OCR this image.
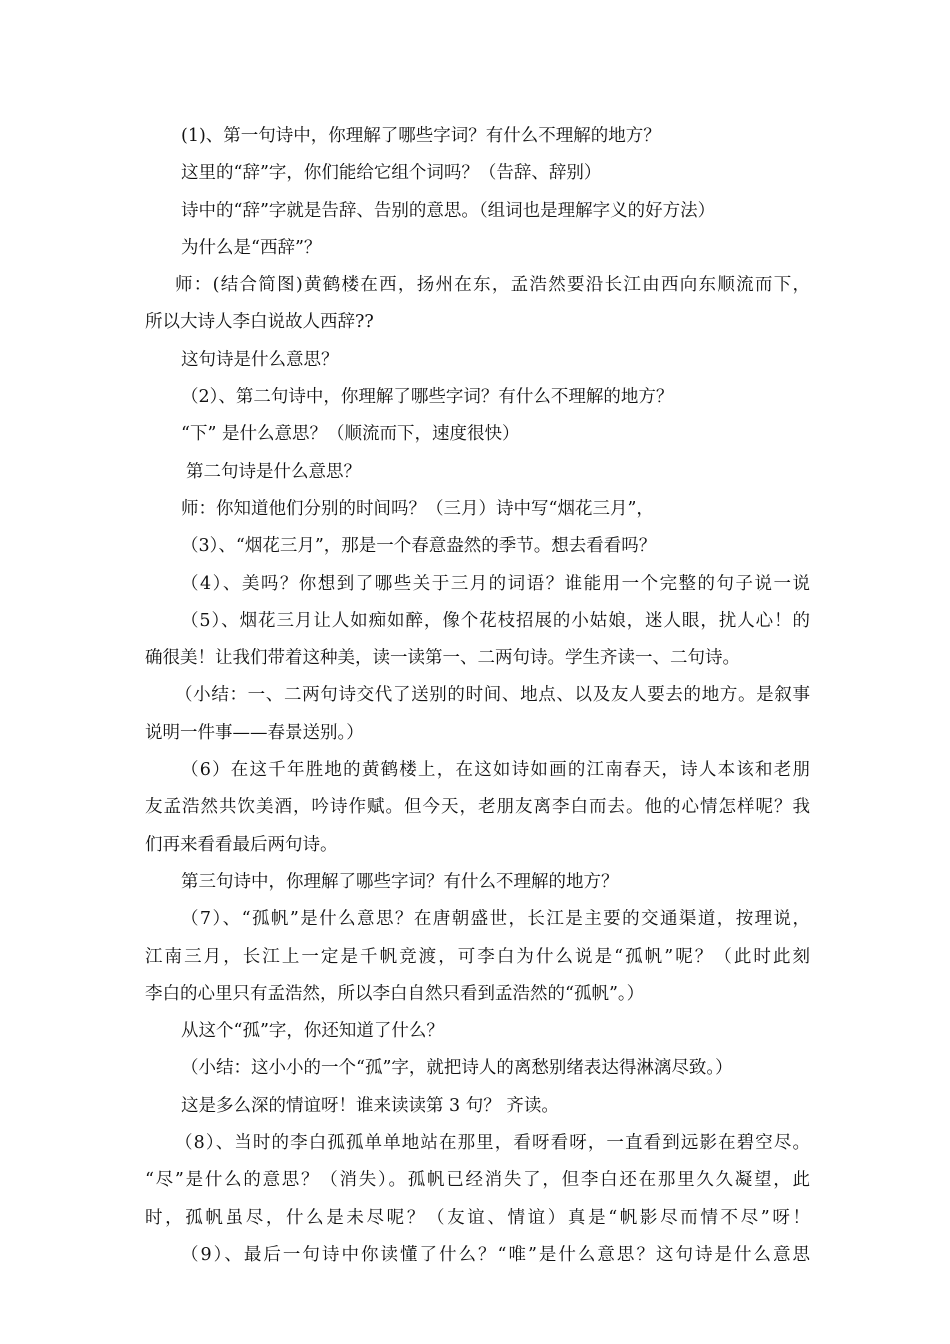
(1)、第一句诗中，你理解了哪些字词？有什么不理解的地方？
这里的“辞”字，你们能给它组个词吗？（告辞、辞别）
诗中的“辞”字就是告辞、告别的意思。（组词也是理解字义的好方法）
为什么是“西辞”？
师：(结合简图)黄鹤楼在西，扬州在东，孟浩然要沿长江由西向东顺流而下，
所以大诗人李白说故人西辞??
这句诗是什么意思？
（2）、第二句诗中，你理解了哪些字词？有什么不理解的地方？
“下” 是什么意思？（顺流而下，速度很快）
第二句诗是什么意思？
师：你知道他们分别的时间吗？（三月）诗中写“烟花三月”，
（3）、“烟花三月”，那是一个春意盎然的季节。想去看看吗？
（4）、美吗？你想到了哪些关于三月的词语？谁能用一个完整的句子说一说
（5）、烟花三月让人如痴如醉，像个花枝招展的小姑娘，迷人眼，扰人心！的
确很美！让我们带着这种美，读一读第一、二两句诗。学生齐读一、二句诗。
（小结：一、二两句诗交代了送别的时间、地点、以及友人要去的地方。是叙事
说明一件事——春景送别。）
（6）在这千年胜地的黄鹤楼上，在这如诗如画的江南春天，诗人本该和老朋
友孟浩然共饮美酒，吟诗作赋。但今天，老朋友离李白而去。他的心情怎样呢？我
们再来看看最后两句诗。
第三句诗中，你理解了哪些字词？有什么不理解的地方？
（7）、“孤帆”是什么意思？在唐朝盛世，长江是主要的交通渠道，按理说，
江南三月，长江上一定是千帆竞渡，可李白为什么说是“孤帆”呢？（此时此刻
李白的心里只有孟浩然，所以李白自然只看到孟浩然的“孤帆”。）
从这个“孤”字，你还知道了什么？
（小结：这小小的一个“孤”字，就把诗人的离愁别绪表达得淋漓尽致。）
这是多么深的情谊呀！谁来读读第 3 句？ 齐读。
（8）、当时的李白孤孤单单地站在那里，看呀看呀，一直看到远影在碧空尽。
“尽”是什么的意思？（消失）。孤帆已经消失了，但李白还在那里久久凝望，此
时，孤帆虽尽，什么是未尽呢？（友谊、情谊）真是“帆影尽而情不尽”呀！
（9）、最后一句诗中你读懂了什么？“唯”是什么意思？这句诗是什么意思
